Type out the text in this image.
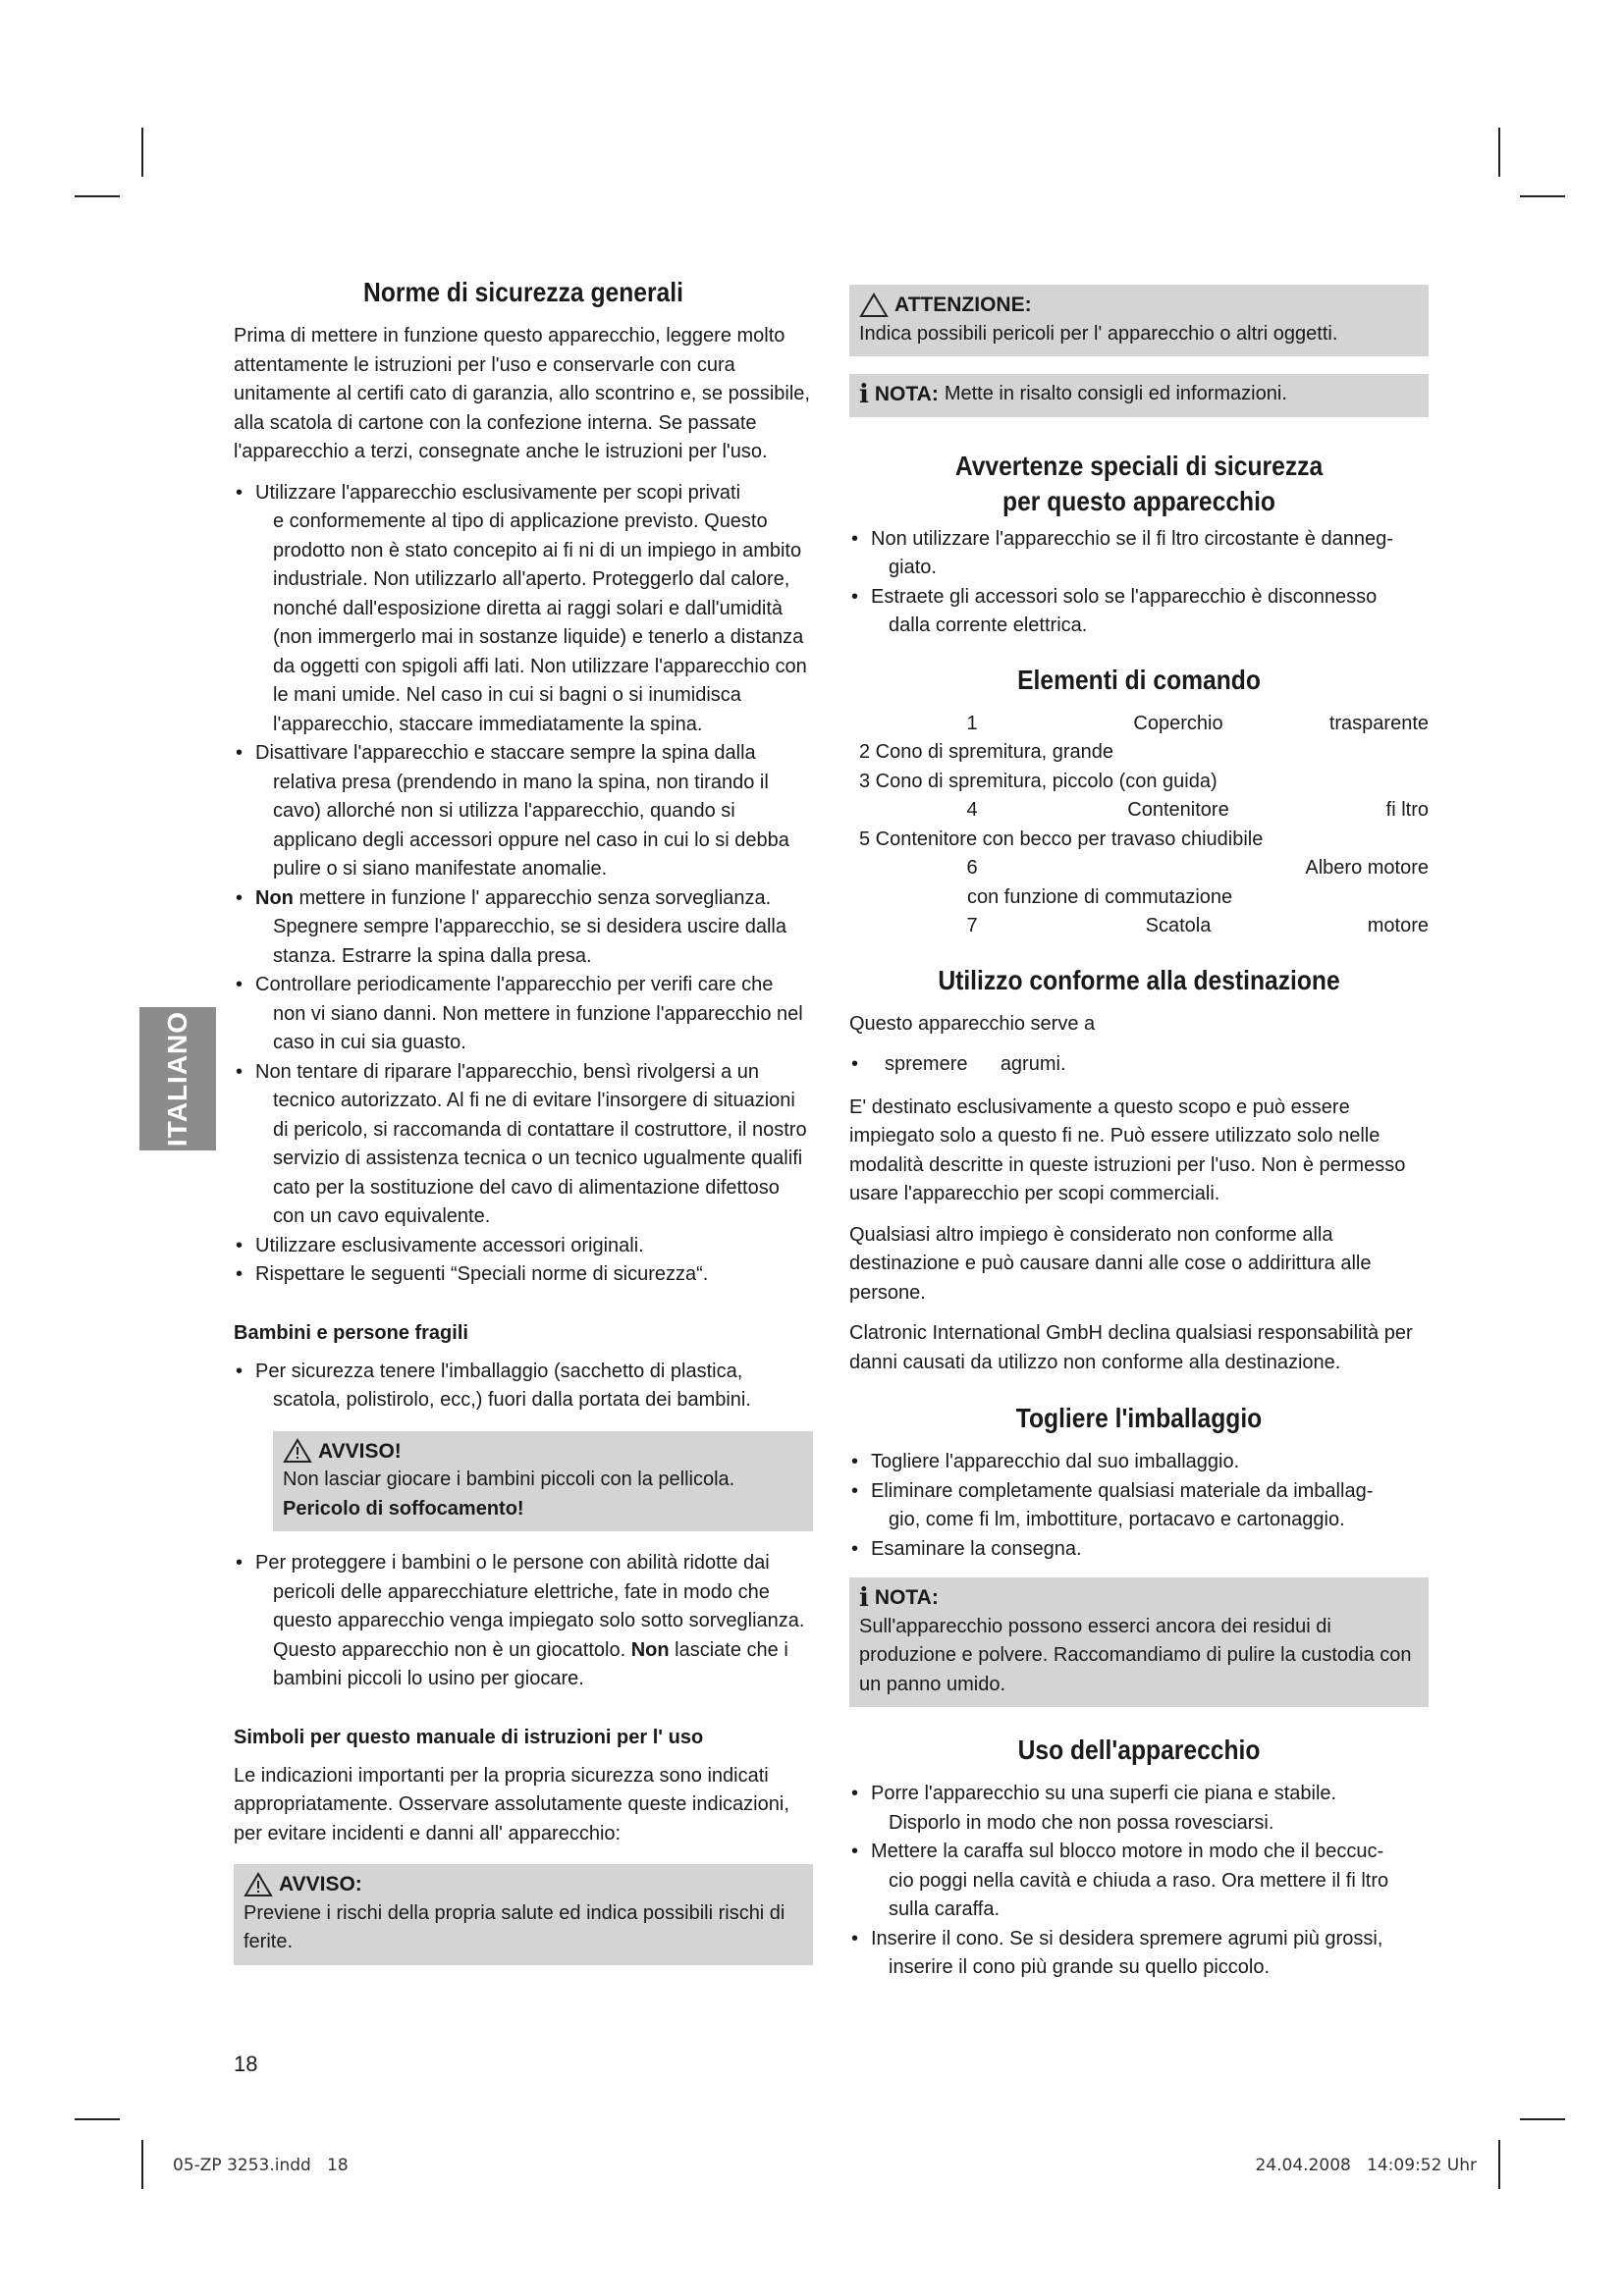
ITALIANO
Norme di sicurezza generali

Prima di mettere in funzione questo apparecchio, leggere molto attentamente le istruzioni per l'uso e conservarle con cura unitamente al certifi cato di garanzia, allo scontrino e, se possibile, alla scatola di cartone con la confezione interna. Se passate l'apparecchio a terzi, consegnate anche le istruzioni per l'uso.

• Utilizzare l'apparecchio esclusivamente per scopi privati
e conformemente al tipo di applicazione previsto. Questo prodotto non è stato concepito ai fi ni di un impiego in ambito industriale. Non utilizzarlo all'aperto. Proteggerlo dal calore, nonché dall'esposizione diretta ai raggi solari e dall'umidità (non immergerlo mai in sostanze liquide) e tenerlo a distanza da oggetti con spigoli affi lati. Non utilizzare l'apparecchio con le mani umide. Nel caso in cui si bagni o si inumidisca l'apparecchio, staccare immediatamente la spina.
• Disattivare l'apparecchio e staccare sempre la spina dalla
relativa presa (prendendo in mano la spina, non tirando il cavo) allorché non si utilizza l'apparecchio, quando si applicano degli accessori oppure nel caso in cui lo si debba pulire o si siano manifestate anomalie.
• Non mettere in funzione l' apparecchio senza sorveglianza.
Spegnere sempre l'apparecchio, se si desidera uscire dalla stanza. Estrarre la spina dalla presa.
• Controllare periodicamente l'apparecchio per verifi care che
non vi siano danni. Non mettere in funzione l'apparecchio nel caso in cui sia guasto.
• Non tentare di riparare l'apparecchio, bensì rivolgersi a un
tecnico autorizzato. Al fi ne di evitare l'insorgere di situazioni di pericolo, si raccomanda di contattare il costruttore, il nostro servizio di assistenza tecnica o un tecnico ugualmente qualifi cato per la sostituzione del cavo di alimentazione difettoso con un cavo equivalente.
• Utilizzare esclusivamente accessori originali.
• Rispettare le seguenti “Speciali norme di sicurezza“.
Bambini e persone fragili
• Per sicurezza tenere l'imballaggio (sacchetto di plastica,
scatola, polistirolo, ecc,) fuori dalla portata dei bambini.
AVVISO!
Non lasciar giocare i bambini piccoli con la pellicola.
Pericolo di soffocamento!
• Per proteggere i bambini o le persone con abilità ridotte dai
pericoli delle apparecchiature elettriche, fate in modo che questo apparecchio venga impiegato solo sotto sorveglianza. Questo apparecchio non è un giocattolo. Non lasciate che i bambini piccoli lo usino per giocare.
Simboli per questo manuale di istruzioni per l' uso

Le indicazioni importanti per la propria sicurezza sono indicati appropriatamente. Osservare assolutamente queste indicazioni, per evitare incidenti e danni all' apparecchio:

AVVISO:
Previene i rischi della propria salute ed indica possibili rischi di ferite.
ATTENZIONE:
Indica possibili pericoli per l' apparecchio o altri oggetti.
i NOTA: Mette in risalto consigli ed informazioni.
Avvertenze speciali di sicurezza
per questo apparecchio
• Non utilizzare l'apparecchio se il fi ltro circostante è danneg-
giato.
• Estraete gli accessori solo se l'apparecchio è disconnesso
dalla corrente elettrica.
Elementi di comando
1	Coperchio	trasparente
2 Cono di spremitura, grande
3 Cono di spremitura, piccolo (con guida)
4	Contenitore	fi ltro
5 Contenitore con becco per travaso chiudibile
6	Albero motore
con funzione di commutazione
7	Scatola	motore
Utilizzo conforme alla destinazione

Questo apparecchio serve a

• spremere      agrumi.

E' destinato esclusivamente a questo scopo e può essere impiegato solo a questo fi ne. Può essere utilizzato solo nelle modalità descritte in queste istruzioni per l'uso. Non è permesso usare l'apparecchio per scopi commerciali.

Qualsiasi altro impiego è considerato non conforme alla destinazione e può causare danni alle cose o addirittura alle persone.

Clatronic International GmbH declina qualsiasi responsabilità per danni causati da utilizzo non conforme alla destinazione.

Togliere l'imballaggio
• Togliere l'apparecchio dal suo imballaggio.
• Eliminare completamente qualsiasi materiale da imballag-
gio, come fi lm, imbottiture, portacavo e cartonaggio.
• Esaminare la consegna.
i NOTA:
Sull'apparecchio possono esserci ancora dei residui di produzione e polvere. Raccomandiamo di pulire la custodia con un panno umido.
Uso dell'apparecchio
• Porre l'apparecchio su una superfi cie piana e stabile.
Disporlo in modo che non possa rovesciarsi.
• Mettere la caraffa sul blocco motore in modo che il beccuc-
cio poggi nella cavità e chiuda a raso. Ora mettere il fi ltro sulla caraffa.
• Inserire il cono. Se si desidera spremere agrumi più grossi,
inserire il cono più grande su quello piccolo.
18
05-ZP 3253.indd   18	24.04.2008   14:09:52 Uhr
